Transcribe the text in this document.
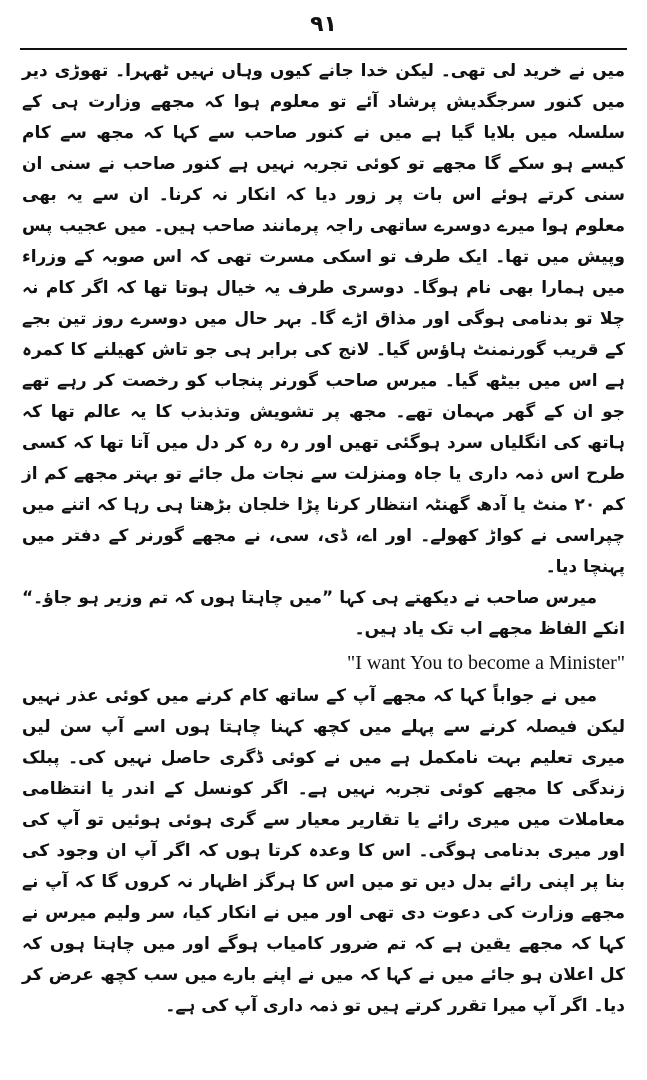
۹۱

میں نے خرید لی تھی۔ لیکن خدا جانے کیوں وہاں نہیں ٹھہرا۔ تھوڑی دیر میں کنور سرجگدیش پرشاد آئے تو معلوم ہوا کہ مجھے وزارت ہی کے سلسلہ میں بلایا گیا ہے میں نے کنور صاحب سے کہا کہ مجھ سے کام کیسے ہو سکے گا مجھے تو کوئی تجربہ نہیں ہے کنور صاحب نے سنی ان سنی کرتے ہوئے اس بات پر زور دیا کہ انکار نہ کرنا۔ ان سے یہ بھی معلوم ہوا میرے دوسرے ساتھی راجہ پرمانند صاحب ہیں۔ میں عجیب پس وپیش میں تھا۔ ایک طرف تو اسکی مسرت تھی کہ اس صوبہ کے وزراء میں ہمارا بھی نام ہوگا۔ دوسری طرف یہ خیال ہوتا تھا کہ اگر کام نہ چلا تو بدنامی ہوگی اور مذاق اڑے گا۔ بہر حال میں دوسرے روز تین بجے کے قریب گورنمنٹ ہاؤس گیا۔ لانج کی برابر ہی جو تاش کھیلنے کا کمرہ ہے اس میں بیٹھ گیا۔ میرس صاحب گورنر پنجاب کو رخصت کر رہے تھے جو ان کے گھر مہمان تھے۔ مجھ پر تشویش وتذبذب کا یہ عالم تھا کہ ہاتھ کی انگلیاں سرد ہوگئی تھیں اور رہ رہ کر دل میں آتا تھا کہ کسی طرح اس ذمہ داری یا جاہ ومنزلت سے نجات مل جائے تو بہتر مجھے کم از کم ۲۰ منٹ یا آدھ گھنٹہ انتظار کرنا پڑا خلجان بڑھتا ہی رہا کہ اتنے میں چپراسی نے کواڑ کھولے۔ اور اے، ڈی، سی، نے مجھے گورنر کے دفتر میں پہنچا دیا۔

میرس صاحب نے دیکھتے ہی کہا ”میں چاہتا ہوں کہ تم وزیر ہو جاؤ۔“ انکے الفاظ مجھے اب تک یاد ہیں۔

"I want You to become a Minister"

میں نے جواباً کہا کہ مجھے آپ کے ساتھ کام کرنے میں کوئی عذر نہیں لیکن فیصلہ کرنے سے پہلے میں کچھ کہنا چاہتا ہوں اسے آپ سن لیں میری تعلیم بہت نامکمل ہے میں نے کوئی ڈگری حاصل نہیں کی۔ پبلک زندگی کا مجھے کوئی تجربہ نہیں ہے۔ اگر کونسل کے اندر یا انتظامی معاملات میں میری رائے یا تقاریر معیار سے گری ہوئی ہوئیں تو آپ کی اور میری بدنامی ہوگی۔ اس کا وعدہ کرتا ہوں کہ اگر آپ ان وجود کی بنا پر اپنی رائے بدل دیں تو میں اس کا ہرگز اظہار نہ کروں گا کہ آپ نے مجھے وزارت کی دعوت دی تھی اور میں نے انکار کیا، سر ولیم میرس نے کہا کہ مجھے یقین ہے کہ تم ضرور کامیاب ہوگے اور میں چاہتا ہوں کہ کل اعلان ہو جائے میں نے کہا کہ میں نے اپنے بارے میں سب کچھ عرض کر دیا۔ اگر آپ میرا تقرر کرتے ہیں تو ذمہ داری آپ کی ہے۔
